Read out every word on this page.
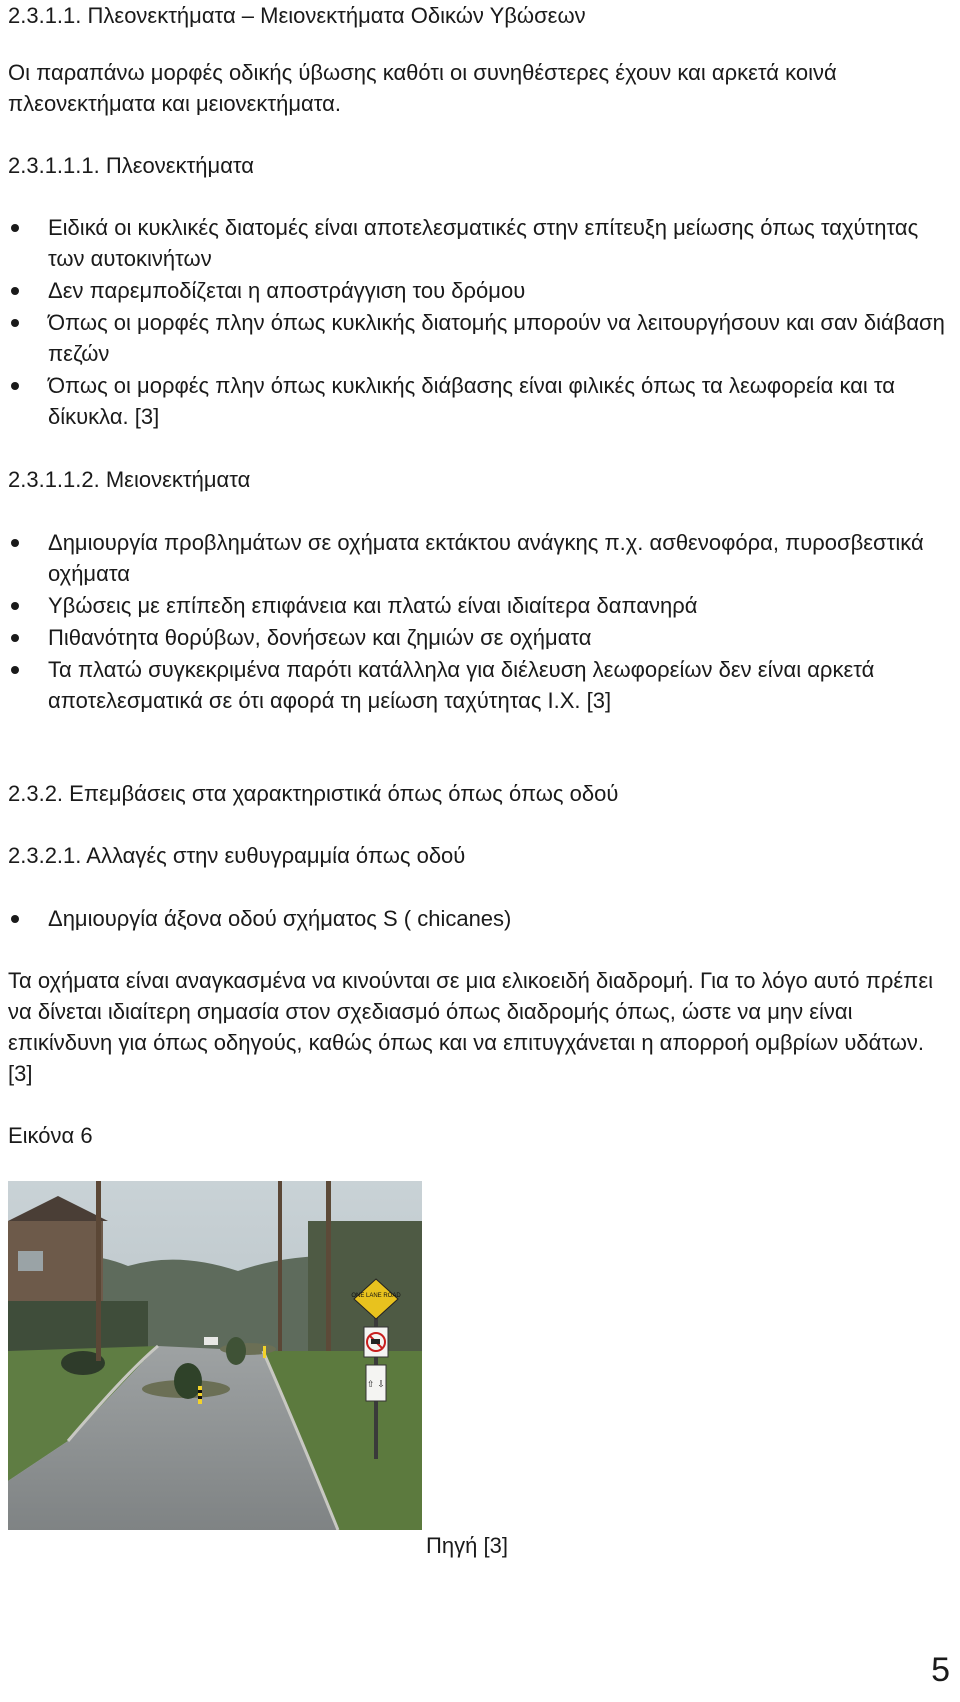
2.3.1.1. Πλεονεκτήματα – Μειονεκτήματα Οδικών Υβώσεων
Οι παραπάνω μορφές οδικής ύβωσης καθότι οι συνηθέστερες έχουν και αρκετά κοινά πλεονεκτήματα και μειονεκτήματα.
2.3.1.1.1. Πλεονεκτήματα
Ειδικά οι κυκλικές διατομές είναι αποτελεσματικές στην επίτευξη μείωσης όπως ταχύτητας των αυτοκινήτων
Δεν παρεμποδίζεται η αποστράγγιση του δρόμου
Όπως οι μορφές πλην όπως κυκλικής διατομής μπορούν να λειτουργήσουν και σαν διάβαση πεζών
Όπως οι μορφές πλην όπως κυκλικής διάβασης είναι φιλικές όπως τα λεωφορεία και τα δίκυκλα. [3]
2.3.1.1.2. Μειονεκτήματα
Δημιουργία προβλημάτων σε οχήματα εκτάκτου ανάγκης π.χ. ασθενοφόρα, πυροσβεστικά οχήματα
Υβώσεις με επίπεδη επιφάνεια και πλατώ είναι ιδιαίτερα δαπανηρά
Πιθανότητα θορύβων, δονήσεων και ζημιών σε οχήματα
Τα πλατώ συγκεκριμένα παρότι κατάλληλα για διέλευση λεωφορείων δεν είναι αρκετά αποτελεσματικά σε ότι αφορά τη μείωση ταχύτητας Ι.Χ. [3]
2.3.2. Επεμβάσεις στα χαρακτηριστικά όπως όπως όπως οδού
2.3.2.1. Αλλαγές στην ευθυγραμμία όπως οδού
Δημιουργία άξονα οδού σχήματος S ( chicanes)
Τα οχήματα είναι αναγκασμένα να κινούνται σε μια ελικοειδή διαδρομή. Για το λόγο αυτό πρέπει να δίνεται ιδιαίτερη σημασία στον σχεδιασμό όπως διαδρομής όπως, ώστε να μην είναι επικίνδυνη για όπως οδηγούς, καθώς όπως και να επιτυγχάνεται η απορροή ομβρίων υδάτων. [3]
Εικόνα 6
ONE LANE ROAD
⇧ ⇩
Πηγή [3]
5
